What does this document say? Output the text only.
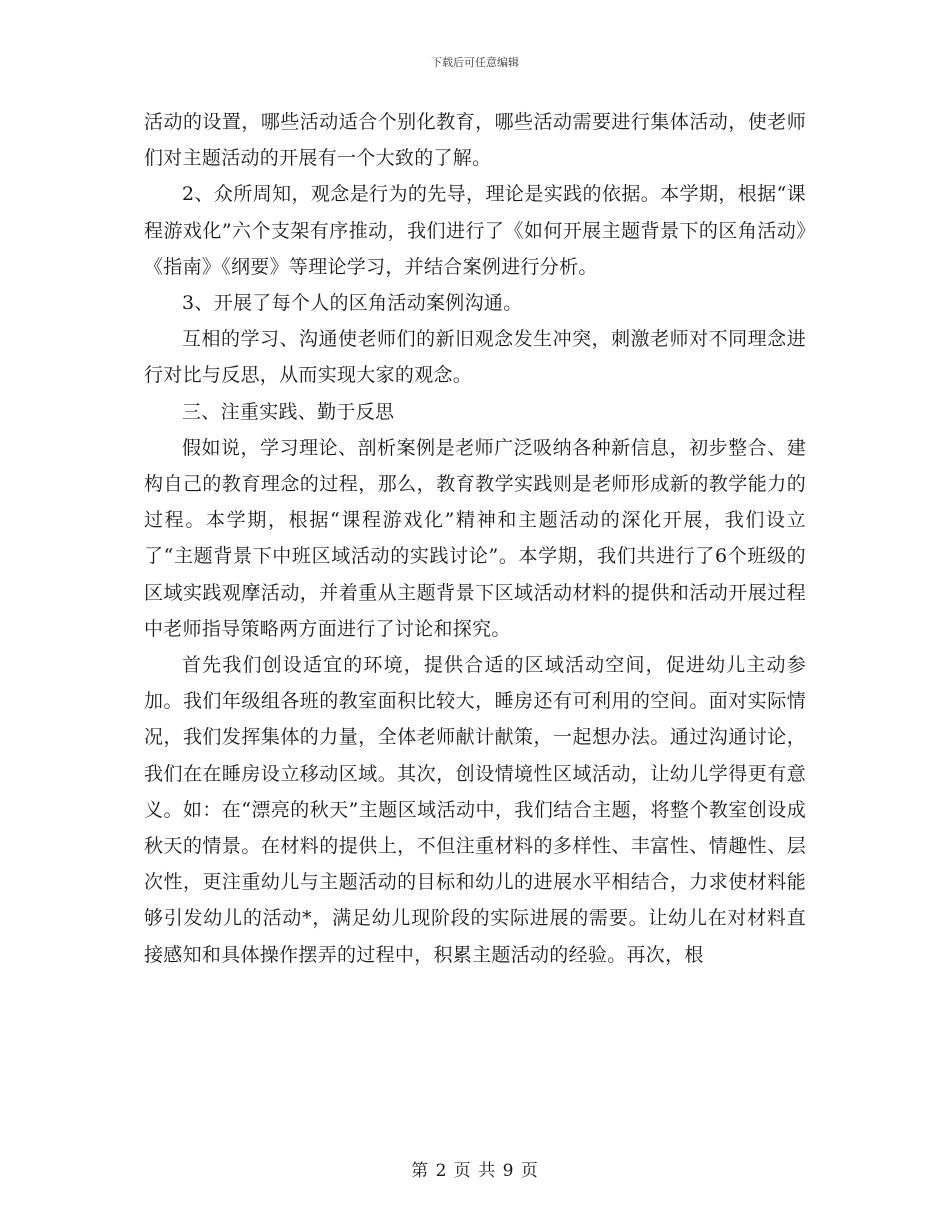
下载后可任意编辑

活动的设置，哪些活动适合个别化教育，哪些活动需要进行集体活动，使老师们对主题活动的开展有一个大致的了解。

2、众所周知，观念是行为的先导，理论是实践的依据。本学期，根据“课程游戏化”六个支架有序推动，我们进行了《如何开展主题背景下的区角活动》《指南》《纲要》等理论学习，并结合案例进行分析。

3、开展了每个人的区角活动案例沟通。

互相的学习、沟通使老师们的新旧观念发生冲突，刺激老师对不同理念进行对比与反思，从而实现大家的观念。

三、注重实践、勤于反思

假如说，学习理论、剖析案例是老师广泛吸纳各种新信息，初步整合、建构自己的教育理念的过程，那么，教育教学实践则是老师形成新的教学能力的过程。本学期，根据“课程游戏化”精神和主题活动的深化开展，我们设立了“主题背景下中班区域活动的实践讨论”。本学期，我们共进行了6个班级的区域实践观摩活动，并着重从主题背景下区域活动材料的提供和活动开展过程中老师指导策略两方面进行了讨论和探究。

首先我们创设适宜的环境，提供合适的区域活动空间，促进幼儿主动参加。我们年级组各班的教室面积比较大，睡房还有可利用的空间。面对实际情况，我们发挥集体的力量，全体老师献计献策，一起想办法。通过沟通讨论，我们在在睡房设立移动区域。其次，创设情境性区域活动，让幼儿学得更有意义。如：在“漂亮的秋天”主题区域活动中，我们结合主题，将整个教室创设成秋天的情景。在材料的提供上，不但注重材料的多样性、丰富性、情趣性、层次性，更注重幼儿与主题活动的目标和幼儿的进展水平相结合，力求使材料能够引发幼儿的活动*，满足幼儿现阶段的实际进展的需要。让幼儿在对材料直接感知和具体操作摆弄的过程中，积累主题活动的经验。再次，根

第 2 页 共 9 页
